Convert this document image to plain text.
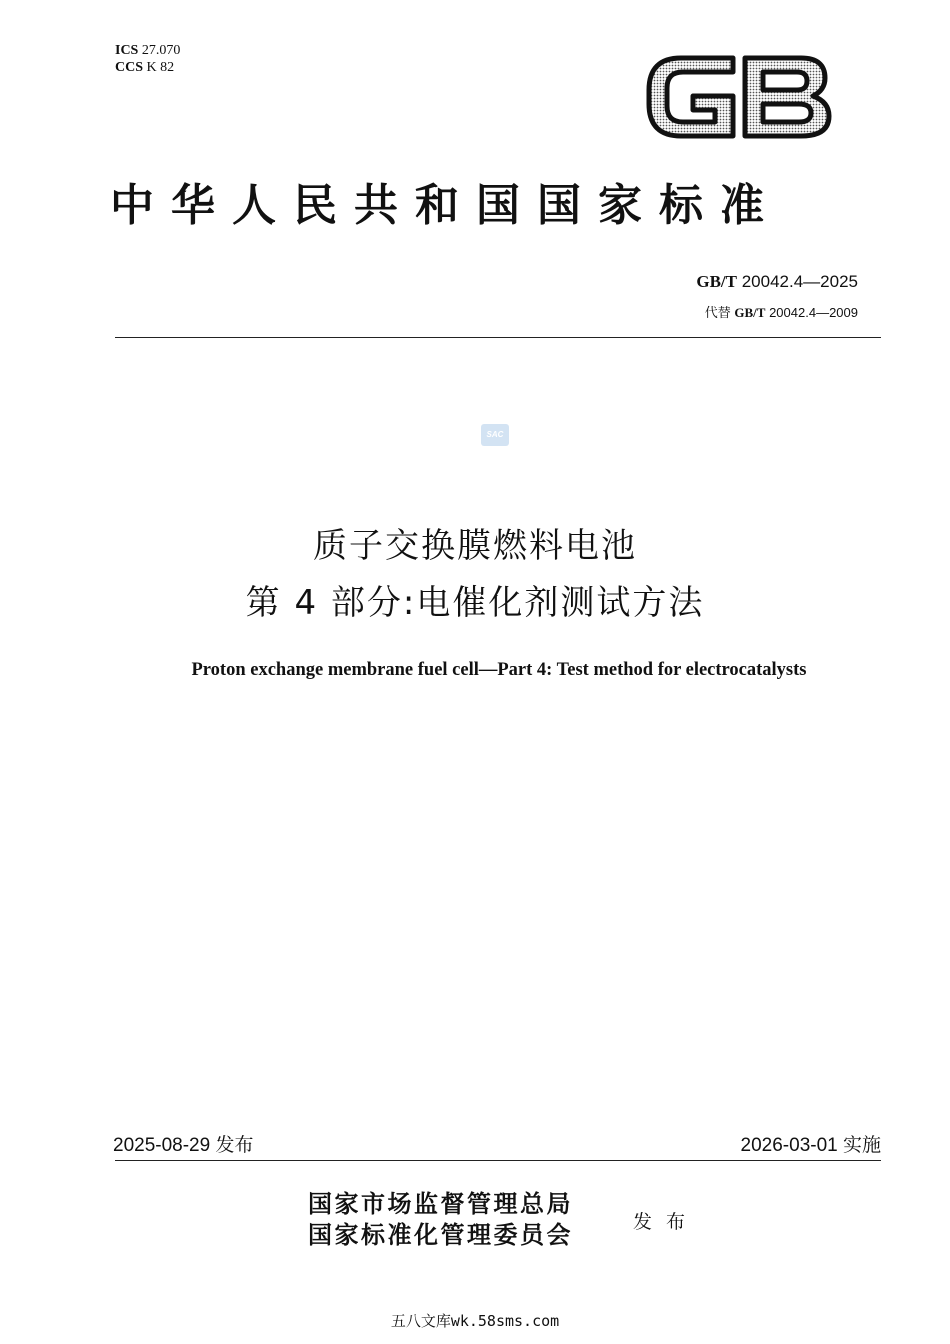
ICS 27.070
CCS K 82
GB
中华人民共和国国家标准
GB/T 20042.4—2025
代替 GB/T 20042.4—2009
SAC
质子交换膜燃料电池
第 4 部分:电催化剂测试方法
Proton exchange membrane fuel cell—Part 4: Test method for electrocatalysts
2025-08-29 发布	2026-03-01 实施
国家市场监督管理总局
国家标准化管理委员会	发布
五八文库wk.58sms.com
